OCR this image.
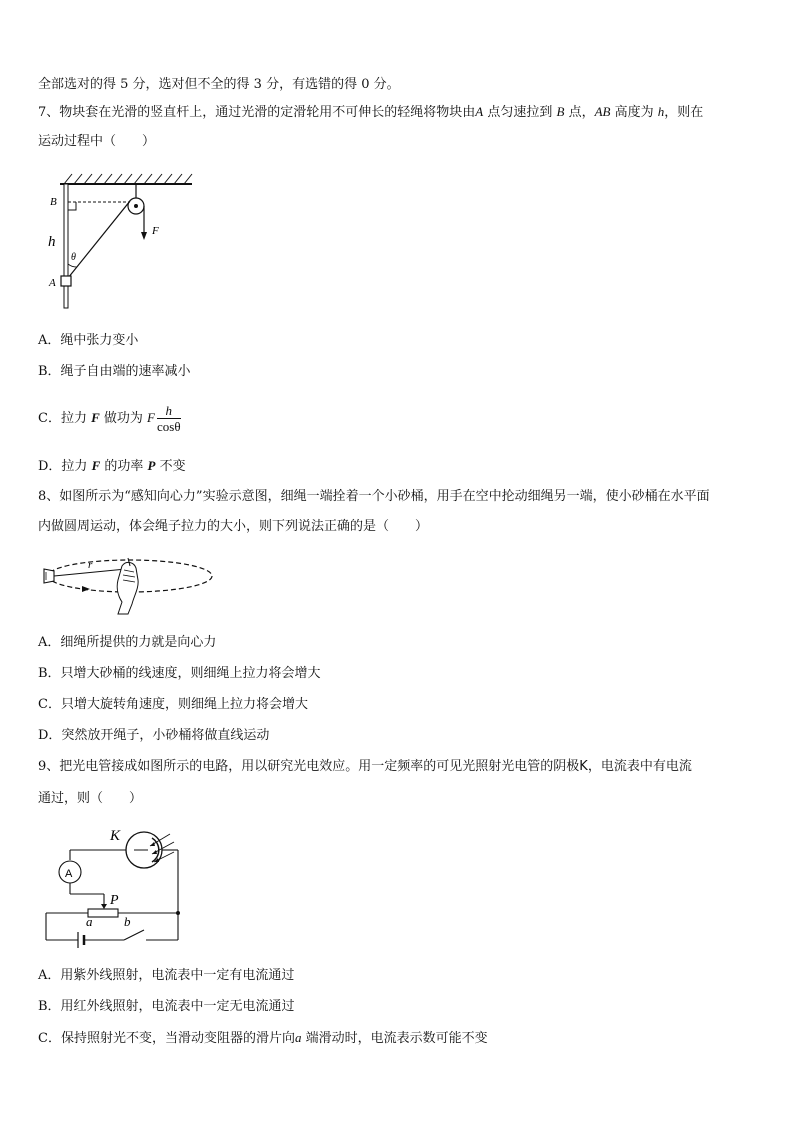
全部选对的得 5 分，选对但不全的得 3 分，有选错的得 0 分。
7、物块套在光滑的竖直杆上，通过光滑的定滑轮用不可伸长的轻绳将物块由A 点匀速拉到 B 点，AB 高度为 h，则在
运动过程中（　　）
B
h
θ
A
F
A．绳中张力变小
B．绳子自由端的速率减小
C．拉力 F 做功为 F $\frac{h}{\cos\theta}$
D．拉力 F 的功率 P 不变
8、如图所示为“感知向心力”实验示意图，细绳一端拴着一个小砂桶，用手在空中抡动细绳另一端，使小砂桶在水平面
内做圆周运动，体会绳子拉力的大小，则下列说法正确的是（　　）
r
A．细绳所提供的力就是向心力
B．只增大砂桶的线速度，则细绳上拉力将会增大
C．只增大旋转角速度，则细绳上拉力将会增大
D．突然放开绳子，小砂桶将做直线运动
9、把光电管接成如图所示的电路，用以研究光电效应。用一定频率的可见光照射光电管的阴极K，电流表中有电流
通过，则（　　）
K
A
P
a b
A．用紫外线照射，电流表中一定有电流通过
B．用红外线照射，电流表中一定无电流通过
C．保持照射光不变，当滑动变阻器的滑片向a 端滑动时，电流表示数可能不变
